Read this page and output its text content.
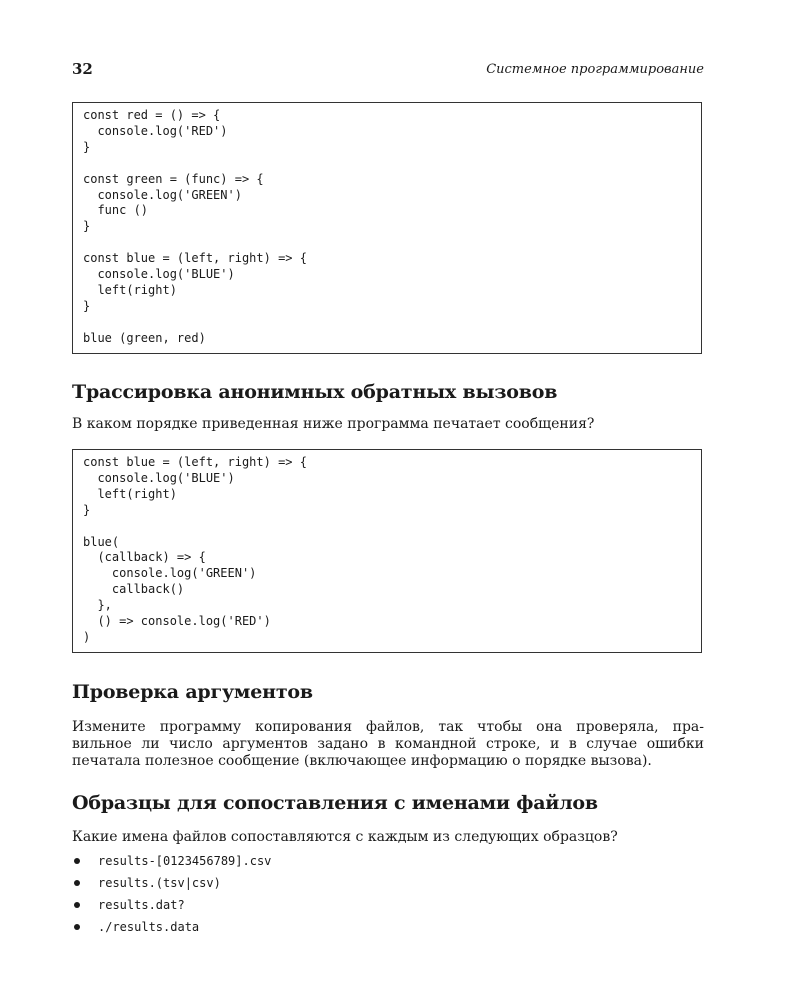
32	Системное программирование
const red = () => {
console.log('RED')
}

const green = (func) => {
console.log('GREEN')
func ()
}

const blue = (left, right) => {
console.log('BLUE')
left(right)
}

blue (green, red)
Трассировка анонимных обратных вызовов

В каком порядке приведенная ниже программа печатает сообщения?

const blue = (left, right) => {
console.log('BLUE')
left(right)
}

blue(
(callback) => {
console.log('GREEN')
callback()
},
() => console.log('RED')
)
Проверка аргументов

Измените программу копирования файлов, так чтобы она проверяла, пра-
вильное ли число аргументов задано в командной строке, и в случае ошибки
печатала полезное сообщение (включающее информацию о порядке вызова).

Образцы для сопоставления с именами файлов

Какие имена файлов сопоставляются с каждым из следующих образцов?

results-[0123456789].csv
results.(tsv|csv)
results.dat?
./results.data
